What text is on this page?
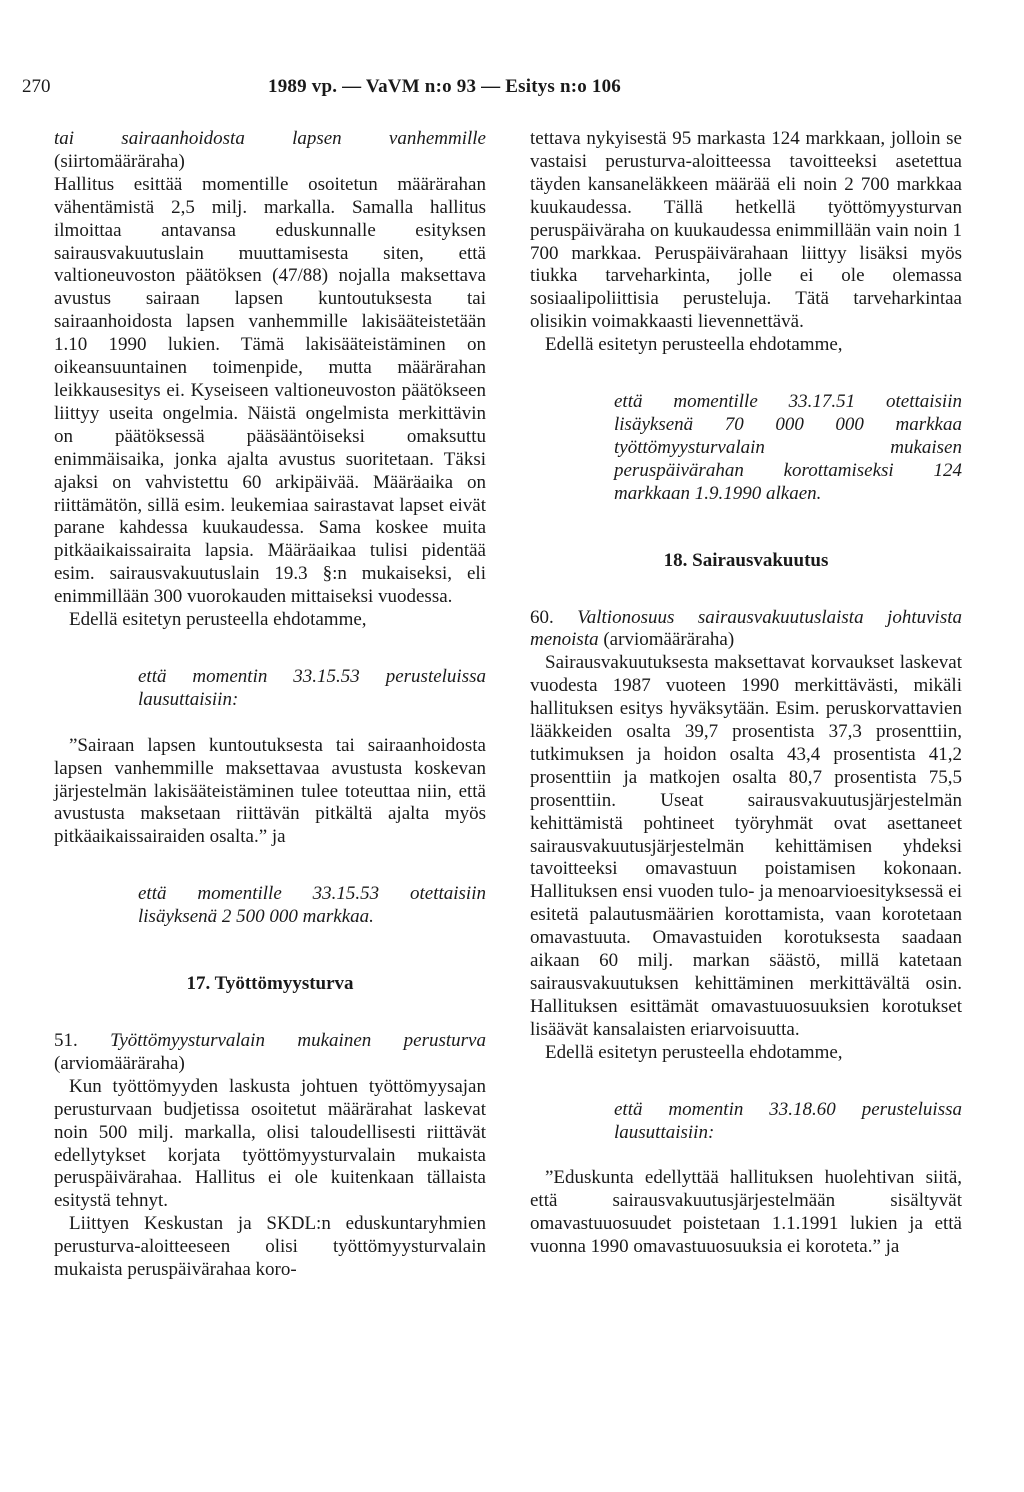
270	1989 vp. — VaVM n:o 93 — Esitys n:o 106

tai sairaanhoidosta lapsen vanhemmille (siirtomääräraha)

Hallitus esittää momentille osoitetun määrärahan vähentämistä 2,5 milj. markalla. Samalla hallitus ilmoittaa antavansa eduskunnalle esityksen sairausvakuutuslain muuttamisesta siten, että valtioneuvoston päätöksen (47/88) nojalla maksettava avustus sairaan lapsen kuntoutuksesta tai sairaanhoidosta lapsen vanhemmille lakisääteistetään 1.10 1990 lukien. Tämä lakisääteistäminen on oikeansuuntainen toimenpide, mutta määrärahan leikkausesitys ei. Kyseiseen valtioneuvoston päätökseen liittyy useita ongelmia. Näistä ongelmista merkittävin on päätöksessä pääsääntöiseksi omaksuttu enimmäisaika, jonka ajalta avustus suoritetaan. Täksi ajaksi on vahvistettu 60 arkipäivää. Määräaika on riittämätön, sillä esim. leukemiaa sairastavat lapset eivät parane kahdessa kuukaudessa. Sama koskee muita pitkäaikaissairaita lapsia. Määräaikaa tulisi pidentää esim. sairausvakuutuslain 19.3 §:n mukaiseksi, eli enimmillään 300 vuorokauden mittaiseksi vuodessa.

Edellä esitetyn perusteella ehdotamme,

että momentin 33.15.53 perusteluissa lausuttaisiin:

”Sairaan lapsen kuntoutuksesta tai sairaanhoidosta lapsen vanhemmille maksettavaa avustusta koskevan järjestelmän lakisääteistäminen tulee toteuttaa niin, että avustusta maksetaan riittävän pitkältä ajalta myös pitkäaikaissairaiden osalta.” ja

että momentille 33.15.53 otettaisiin lisäyksenä 2 500 000 markkaa.

17. Työttömyysturva

51. Työttömyysturvalain mukainen perusturva (arviomääräraha)

Kun työttömyyden laskusta johtuen työttömyysajan perusturvaan budjetissa osoitetut määrärahat laskevat noin 500 milj. markalla, olisi taloudellisesti riittävät edellytykset korjata työttömyysturvalain mukaista peruspäivärahaa. Hallitus ei ole kuitenkaan tällaista esitystä tehnyt.

Liittyen Keskustan ja SKDL:n eduskuntaryhmien perusturva-aloitteeseen olisi työttömyysturvalain mukaista peruspäivärahaa koro-

tettava nykyisestä 95 markasta 124 markkaan, jolloin se vastaisi perusturva-aloitteessa tavoitteeksi asetettua täyden kansaneläkkeen määrää eli noin 2 700 markkaa kuukaudessa. Tällä hetkellä työttömyysturvan peruspäiväraha on kuukaudessa enimmillään vain noin 1 700 markkaa. Peruspäivärahaan liittyy lisäksi myös tiukka tarveharkinta, jolle ei ole olemassa sosiaalipoliittisia perusteluja. Tätä tarveharkintaa olisikin voimakkaasti lievennettävä.

Edellä esitetyn perusteella ehdotamme,

että momentille 33.17.51 otettaisiin lisäyksenä 70 000 000 markkaa työttömyysturvalain mukaisen peruspäivärahan korottamiseksi 124 markkaan 1.9.1990 alkaen.

18. Sairausvakuutus

60. Valtionosuus sairausvakuutuslaista johtuvista menoista (arviomääräraha)

Sairausvakuutuksesta maksettavat korvaukset laskevat vuodesta 1987 vuoteen 1990 merkittävästi, mikäli hallituksen esitys hyväksytään. Esim. peruskorvattavien lääkkeiden osalta 39,7 prosentista 37,3 prosenttiin, tutkimuksen ja hoidon osalta 43,4 prosentista 41,2 prosenttiin ja matkojen osalta 80,7 prosentista 75,5 prosenttiin. Useat sairausvakuutusjärjestelmän kehittämistä pohtineet työryhmät ovat asettaneet sairausvakuutusjärjestelmän kehittämisen yhdeksi tavoitteeksi omavastuun poistamisen kokonaan. Hallituksen ensi vuoden tulo- ja menoarvioesityksessä ei esitetä palautusmäärien korottamista, vaan korotetaan omavastuuta. Omavastuiden korotuksesta saadaan aikaan 60 milj. markan säästö, millä katetaan sairausvakuutuksen kehittäminen merkittävältä osin. Hallituksen esittämät omavastuuosuuksien korotukset lisäävät kansalaisten eriarvoisuutta.

Edellä esitetyn perusteella ehdotamme,

että momentin 33.18.60 perusteluissa lausuttaisiin:

”Eduskunta edellyttää hallituksen huolehtivan siitä, että sairausvakuutusjärjestelmään sisältyvät omavastuuosuudet poistetaan 1.1.1991 lukien ja että vuonna 1990 omavastuuosuuksia ei koroteta.” ja
